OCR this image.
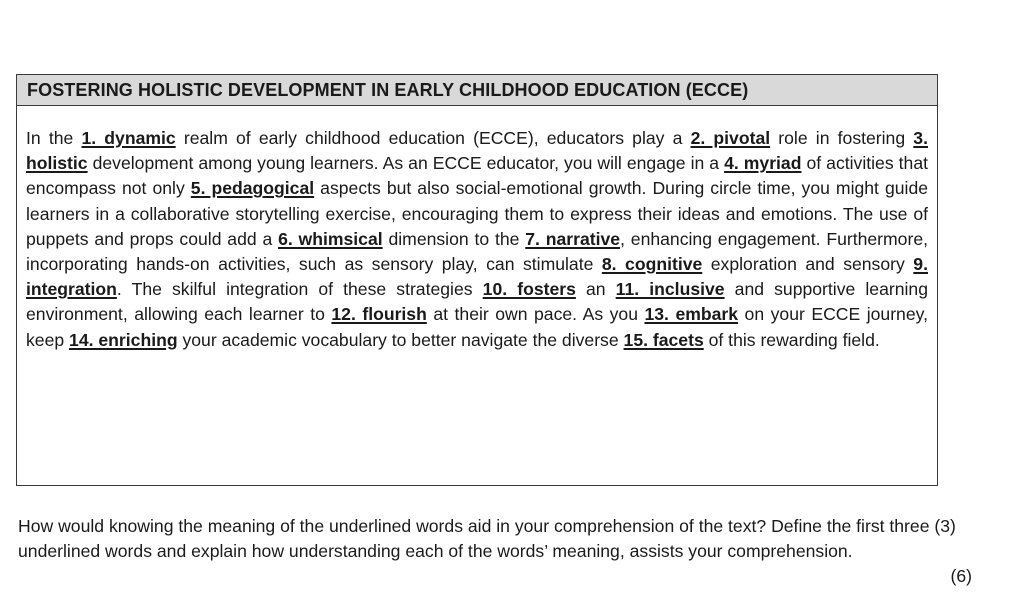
FOSTERING HOLISTIC DEVELOPMENT IN EARLY CHILDHOOD EDUCATION (ECCE)
In the 1. dynamic realm of early childhood education (ECCE), educators play a 2. pivotal role in fostering 3. holistic development among young learners. As an ECCE educator, you will engage in a 4. myriad of activities that encompass not only 5. pedagogical aspects but also social-emotional growth. During circle time, you might guide learners in a collaborative storytelling exercise, encouraging them to express their ideas and emotions. The use of puppets and props could add a 6. whimsical dimension to the 7. narrative, enhancing engagement. Furthermore, incorporating hands-on activities, such as sensory play, can stimulate 8. cognitive exploration and sensory 9. integration. The skilful integration of these strategies 10. fosters an 11. inclusive and supportive learning environment, allowing each learner to 12. flourish at their own pace. As you 13. embark on your ECCE journey, keep 14. enriching your academic vocabulary to better navigate the diverse 15. facets of this rewarding field.
How would knowing the meaning of the underlined words aid in your comprehension of the text? Define the first three (3) underlined words and explain how understanding each of the words’ meaning, assists your comprehension.
(6)
